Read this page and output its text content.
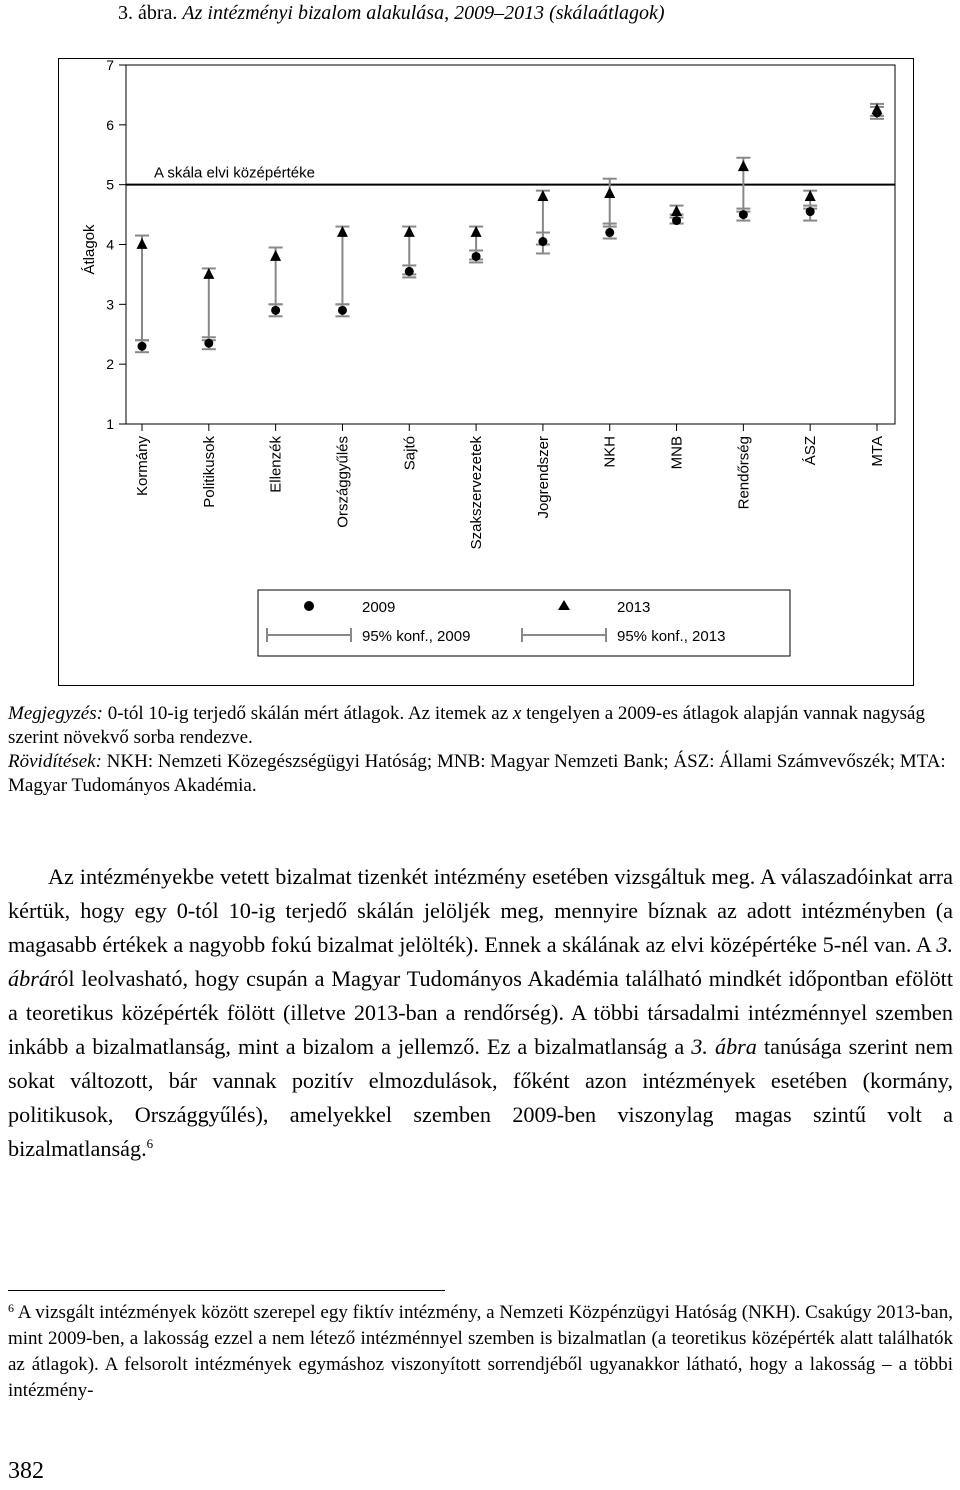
3. ábra. Az intézményi bizalom alakulása, 2009–2013 (skálaátlagok)
1
2
3
4
5
6
7
Átlagok
A skála elvi középértéke
Kormány	Politikusok	Ellenzék	Országgyűlés	Sajtó	Szakszervezetek	Jogrendszer	NKH	MNB	Rendőrség	ÁSZ	MTA
2009	2013
95% konf., 2009	95% konf., 2013

Megjegyzés: 0-tól 10-ig terjedő skálán mért átlagok. Az itemek az x tengelyen a 2009-es átlagok alapján vannak nagyság szerint növekvő sorba rendezve.

Rövidítések: NKH: Nemzeti Közegészségügyi Hatóság; MNB: Magyar Nemzeti Bank; ÁSZ: Állami Számvevőszék; MTA: Magyar Tudományos Akadémia.

Az intézményekbe vetett bizalmat tizenkét intézmény esetében vizsgáltuk meg. A válaszadóinkat arra kértük, hogy egy 0-tól 10-ig terjedő skálán jelöljék meg, mennyire bíznak az adott intézményben (a magasabb értékek a nagyobb fokú bizalmat jelölték). Ennek a skálának az elvi középértéke 5-nél van. A 3. ábráról leolvasható, hogy csupán a Magyar Tudományos Akadémia található mindkét időpontban efölött a teoretikus középérték fölött (illetve 2013-ban a rendőrség). A többi társadalmi intézménnyel szemben inkább a bizalmatlanság, mint a bizalom a jellemző. Ez a bizalmatlanság a 3. ábra tanúsága szerint nem sokat változott, bár vannak pozitív elmozdulások, főként azon intézmények esetében (kormány, politikusok, Országgyűlés), amelyekkel szemben 2009-ben viszonylag magas szintű volt a bizalmatlanság.$^6$

$^6$ A vizsgált intézmények között szerepel egy fiktív intézmény, a Nemzeti Közpénzügyi Hatóság (NKH). Csakúgy 2013-ban, mint 2009-ben, a lakosság ezzel a nem létező intézménnyel szemben is bizalmatlan (a teoretikus középérték alatt találhatók az átlagok). A felsorolt intézmények egymáshoz viszonyított sorrendjéből ugyanakkor látható, hogy a lakosság – a többi intézmény-

382
